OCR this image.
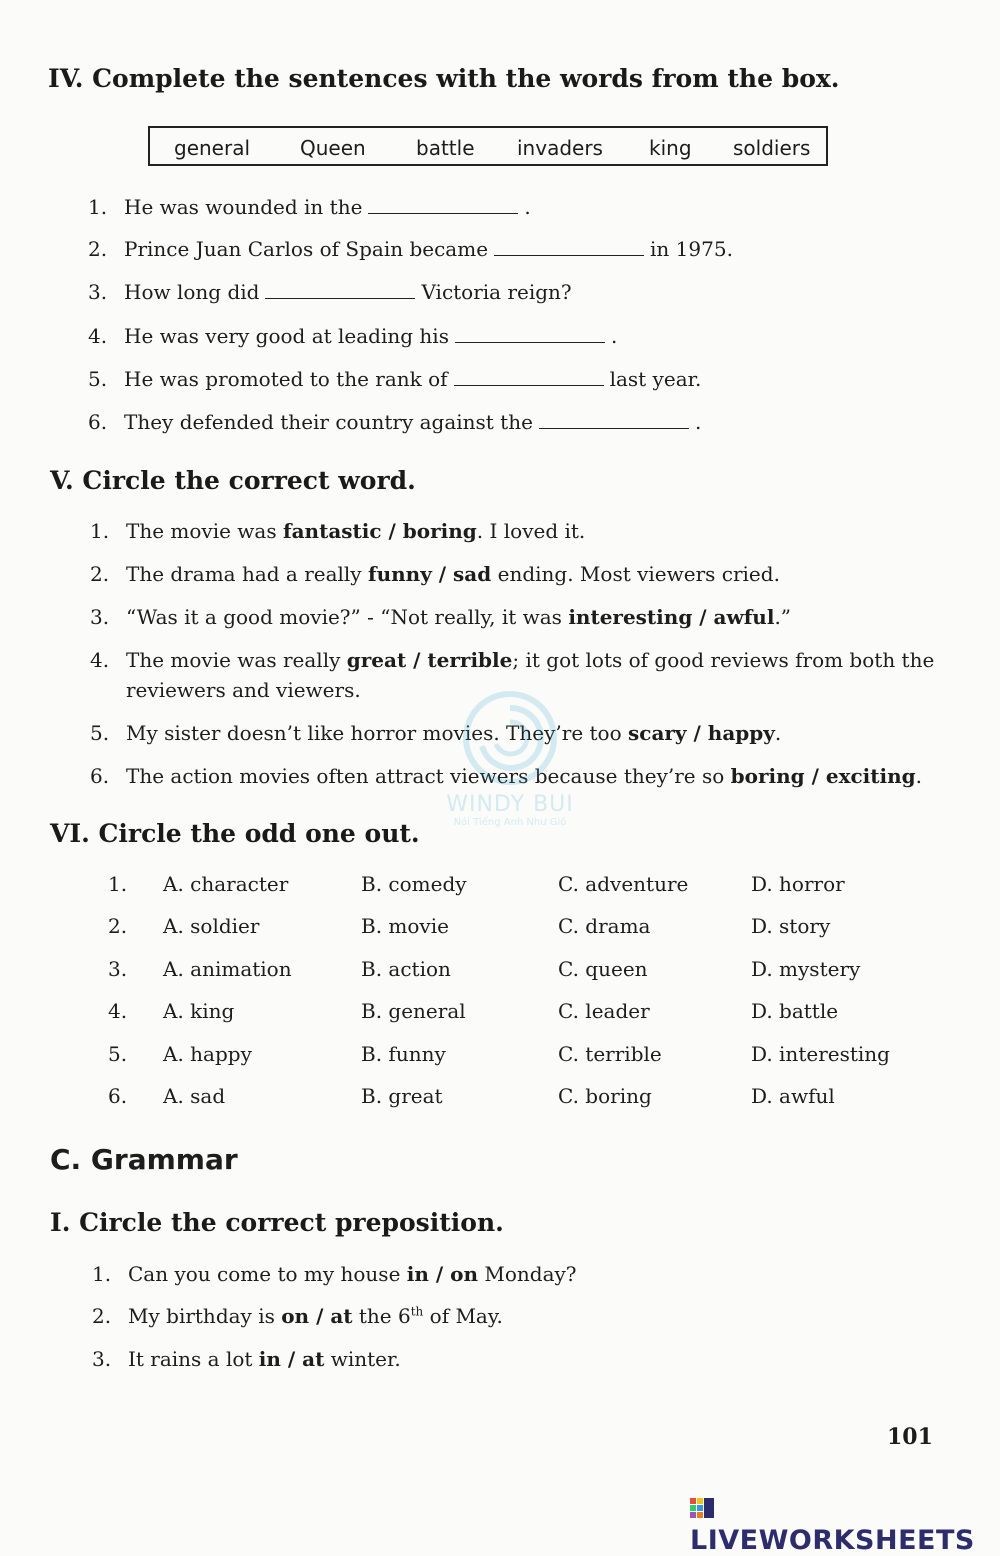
IV. Complete the sentences with the words from the box.
general Queen	battle invaders king soldiers
1. He was wounded in the	.
2. Prince Juan Carlos of Spain became	in 1975.
3. How long did	Victoria reign?
4. He was very good at leading his	.
5. He was promoted to the rank of	last year.
6. They defended their country against the	.
V. Circle the correct word.
1. The movie was fantastic / boring. I loved it.
2. The drama had a really funny / sad ending. Most viewers cried.
3. “Was it a good movie?” - “Not really, it was interesting / awful.”
4. The movie was really great / terrible; it got lots of good reviews from both the
reviewers and viewers.
5. My sister doesn’t like horror movies. They’re too scary / happy.
6. The action movies often attract viewers because they’re so boring / exciting.
WINDY BUI
Nói Tiếng Anh Như Gió
VI. Circle the odd one out.
1. A. character	B. comedy	C. adventure	D. horror
2. A. soldier	B. movie	C. drama	D. story
3. A. animation	B. action	C. queen	D. mystery
4. A. king	B. general	C. leader	D. battle
5. A. happy	B. funny	C. terrible	D. interesting
6. A. sad	B. great	C. boring	D. awful
C. Grammar
I. Circle the correct preposition.
1. Can you come to my house in / on Monday?
2. My birthday is on / at the 6th of May.
3. It rains a lot in / at winter.
101
LIVEWORKSHEETS
